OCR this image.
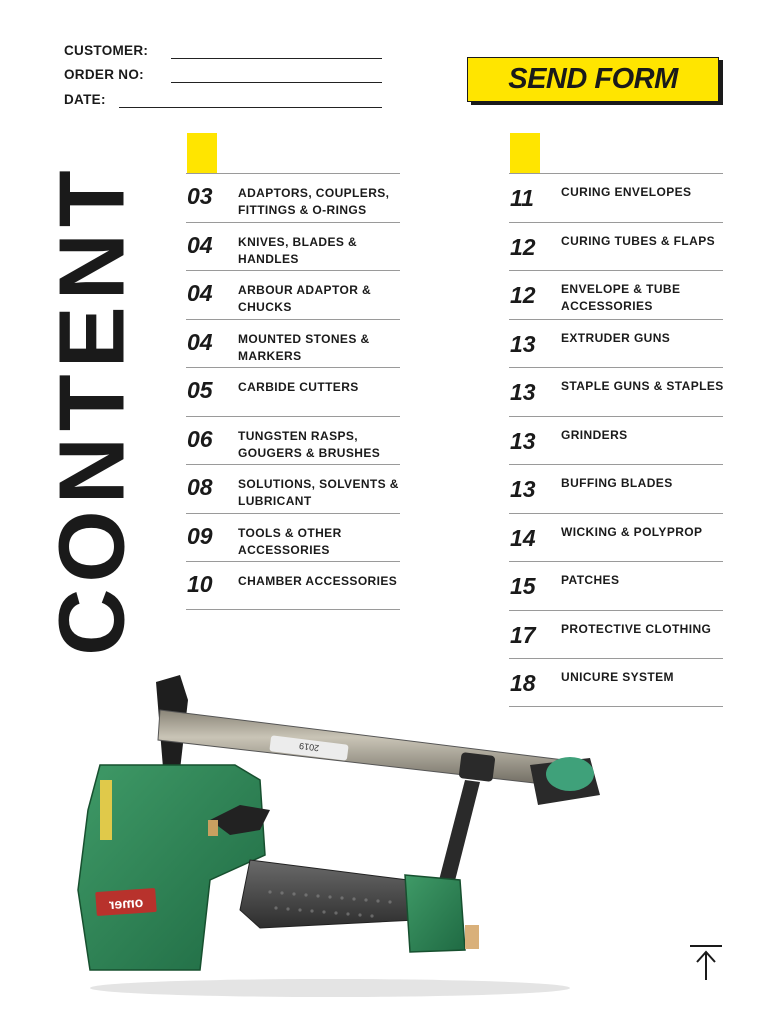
CUSTOMER:
ORDER NO:
DATE:
SEND FORM
CONTENT 03 ADAPTORS, COUPLERS, FITTINGS & O-RINGS
04 KNIVES, BLADES & HANDLES
04 ARBOUR ADAPTOR & CHUCKS
04 MOUNTED STONES & MARKERS
05 CARBIDE CUTTERS
06 TUNGSTEN RASPS, GOUGERS & BRUSHES
08 SOLUTIONS, SOLVENTS & LUBRICANT
09 TOOLS & OTHER ACCESSORIES
10 CHAMBER ACCESSORIES
11 CURING ENVELOPES
12 CURING TUBES & FLAPS
12 ENVELOPE & TUBE ACCESSORIES
13 EXTRUDER GUNS
13 STAPLE GUNS & STAPLES
13 GRINDERS
13 BUFFING BLADES
14 WICKING & POLYPROP
15 PATCHES
17 PROTECTIVE CLOTHING
18 UNICURE SYSTEM
omer
2019
